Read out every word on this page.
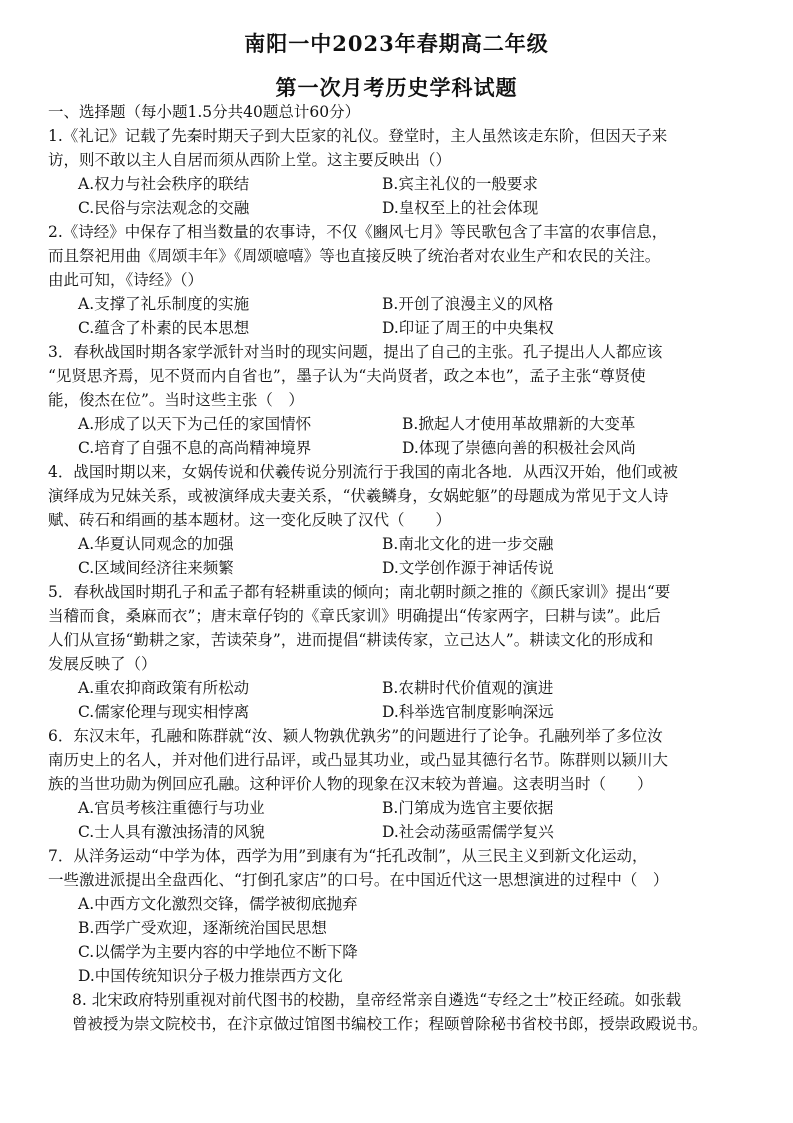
南阳一中2023年春期高二年级
第一次月考历史学科试题
一、选择题（每小题1.5分共40题总计60分）
1.《礼记》记载了先秦时期天子到大臣家的礼仪。登堂时，主人虽然该走东阶，但因天子来
访，则不敢以主人自居而须从西阶上堂。这主要反映出（）
A.权力与社会秩序的联结	B.宾主礼仪的一般要求
C.民俗与宗法观念的交融	D.皇权至上的社会体现
2.《诗经》中保存了相当数量的农事诗，不仅《豳风七月》等民歌包含了丰富的农事信息，
而且祭祀用曲《周颂丰年》《周颂噫嘻》等也直接反映了统治者对农业生产和农民的关注。
由此可知，《诗经》（）
A.支撑了礼乐制度的实施	B.开创了浪漫主义的风格
C.蕴含了朴素的民本思想	D.印证了周王的中央集权
3．春秋战国时期各家学派针对当时的现实问题，提出了自己的主张。孔子提出人人都应该
“见贤思齐焉，见不贤而内自省也”，墨子认为“夫尚贤者，政之本也”，孟子主张“尊贤使
能，俊杰在位”。当时这些主张（　）
A.形成了以天下为己任的家国情怀	B.掀起人才使用革故鼎新的大变革
C.培育了自强不息的高尚精神境界	D.体现了崇德向善的积极社会风尚
4．战国时期以来，女娲传说和伏羲传说分别流行于我国的南北各地．从西汉开始，他们或被
演绎成为兄妹关系，或被演绎成夫妻关系，“伏羲鳞身，女娲蛇躯”的母题成为常见于文人诗
赋、砖石和绢画的基本题材。这一变化反映了汉代（　　）
A.华夏认同观念的加强	B.南北文化的进一步交融
C.区域间经济往来频繁	D.文学创作源于神话传说
5．春秋战国时期孔子和孟子都有轻耕重读的倾向；南北朝时颜之推的《颜氏家训》提出“要
当稽而食，桑麻而衣”；唐末章仔钧的《章氏家训》明确提出“传家两字，曰耕与读”。此后
人们从宣扬“勤耕之家，苦读荣身”，进而提倡“耕读传家，立己达人”。耕读文化的形成和
发展反映了（）
A.重农抑商政策有所松动	B.农耕时代价值观的演进
C.儒家伦理与现实相悖离	D.科举选官制度影响深远
6．东汉末年，孔融和陈群就“汝、颍人物孰优孰劣”的问题进行了论争。孔融列举了多位汝
南历史上的名人，并对他们进行品评，或凸显其功业，或凸显其德行名节。陈群则以颍川大
族的当世功勋为例回应孔融。这种评价人物的现象在汉末较为普遍。这表明当时（　　）
A.官员考核注重德行与功业	B.门第成为选官主要依据
C.士人具有激浊扬清的风貌	D.社会动荡亟需儒学复兴
7．从洋务运动“中学为体，西学为用”到康有为“托孔改制”，从三民主义到新文化运动，
一些激进派提出全盘西化、“打倒孔家店”的口号。在中国近代这一思想演进的过程中（　）
A.中西方文化激烈交锋，儒学被彻底抛弃
B.西学广受欢迎，逐渐统治国民思想
C.以儒学为主要内容的中学地位不断下降
D.中国传统知识分子极力推崇西方文化
8. 北宋政府特别重视对前代图书的校勘，皇帝经常亲自遴选“专经之士”校正经疏。如张载
曾被授为崇文院校书，在汴京做过馆图书编校工作；程颐曾除秘书省校书郎，授崇政殿说书。
